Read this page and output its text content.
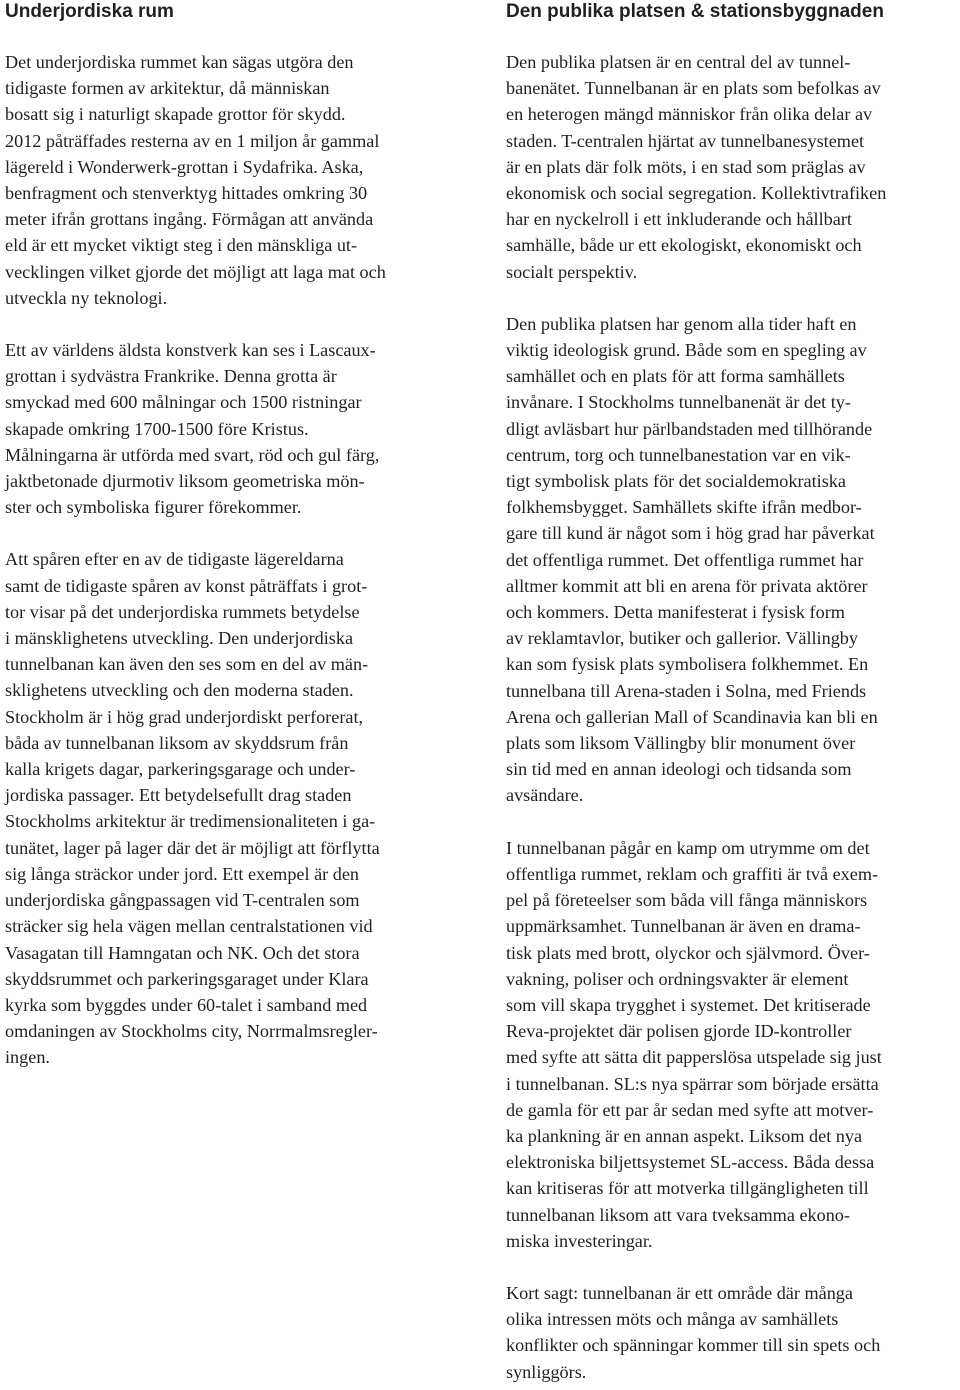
Underjordiska rum

Det underjordiska rummet kan sägas utgöra den
tidigaste formen av arkitektur, då människan
bosatt sig i naturligt skapade grottor för skydd.
2012 påträffades resterna av en 1 miljon år gammal
lägereld i Wonderwerk-grottan i Sydafrika. Aska,
benfragment och stenverktyg hittades omkring 30
meter ifrån grottans ingång. Förmågan att använda
eld är ett mycket viktigt steg i den mänskliga ut-
vecklingen vilket gjorde det möjligt att laga mat och
utveckla ny teknologi.

Ett av världens äldsta konstverk kan ses i Lascaux-
grottan i sydvästra Frankrike. Denna grotta är
smyckad med 600 målningar och 1500 ristningar
skapade omkring 1700-1500 före Kristus.
Målningarna är utförda med svart, röd och gul färg,
jaktbetonade djurmotiv liksom geometriska mön-
ster och symboliska figurer förekommer.

Att spåren efter en av de tidigaste lägereldarna
samt de tidigaste spåren av konst påträffats i grot-
tor visar på det underjordiska rummets betydelse
i mänsklighetens utveckling. Den underjordiska
tunnelbanan kan även den ses som en del av män-
sklighetens utveckling och den moderna staden.
Stockholm är i hög grad underjordiskt perforerat,
båda av tunnelbanan liksom av skyddsrum från
kalla krigets dagar, parkeringsgarage och under-
jordiska passager. Ett betydelsefullt drag staden
Stockholms arkitektur är tredimensionaliteten i ga-
tunätet, lager på lager där det är möjligt att förflytta
sig långa sträckor under jord. Ett exempel är den
underjordiska gångpassagen vid T-centralen som
sträcker sig hela vägen mellan centralstationen vid
Vasagatan till Hamngatan och NK. Och det stora
skyddsrummet och parkeringsgaraget under Klara
kyrka som byggdes under 60-talet i samband med
omdaningen av Stockholms city, Norrmalmsregler-
ingen.

Den publika platsen & stationsbyggnaden

Den publika platsen är en central del av tunnel-
banenätet. Tunnelbanan är en plats som befolkas av
en heterogen mängd människor från olika delar av
staden. T-centralen hjärtat av tunnelbanesystemet
är en plats där folk möts, i en stad som präglas av
ekonomisk och social segregation. Kollektivtrafiken
har en nyckelroll i ett inkluderande och hållbart
samhälle, både ur ett ekologiskt, ekonomiskt och
socialt perspektiv.

Den publika platsen har genom alla tider haft en
viktig ideologisk grund. Både som en spegling av
samhället och en plats för att forma samhällets
invånare. I Stockholms tunnelbanenät är det ty-
dligt avläsbart hur pärlbandstaden med tillhörande
centrum, torg och tunnelbanestation var en vik-
tigt symbolisk plats för det socialdemokratiska
folkhemsbygget. Samhällets skifte ifrån medbor-
gare till kund är något som i hög grad har påverkat
det offentliga rummet. Det offentliga rummet har
alltmer kommit att bli en arena för privata aktörer
och kommers. Detta manifesterat i fysisk form
av reklamtavlor, butiker och gallerior. Vällingby
kan som fysisk plats symbolisera folkhemmet. En
tunnelbana till Arena-staden i Solna, med Friends
Arena och gallerian Mall of Scandinavia kan bli en
plats som liksom Vällingby blir monument över
sin tid med en annan ideologi och tidsanda som
avsändare.

I tunnelbanan pågår en kamp om utrymme om det
offentliga rummet, reklam och graffiti är två exem-
pel på företeelser som båda vill fånga människors
uppmärksamhet. Tunnelbanan är även en drama-
tisk plats med brott, olyckor och självmord. Över-
vakning, poliser och ordningsvakter är element
som vill skapa trygghet i systemet. Det kritiserade
Reva-projektet där polisen gjorde ID-kontroller
med syfte att sätta dit papperslösa utspelade sig just
i tunnelbanan. SL:s nya spärrar som började ersätta
de gamla för ett par år sedan med syfte att motver-
ka plankning är en annan aspekt. Liksom det nya
elektroniska biljettsystemet SL-access. Båda dessa
kan kritiseras för att motverka tillgängligheten till
tunnelbanan liksom att vara tveksamma ekono-
miska investeringar.

Kort sagt: tunnelbanan är ett område där många
olika intressen möts och många av samhällets
konflikter och spänningar kommer till sin spets och
synliggörs.
